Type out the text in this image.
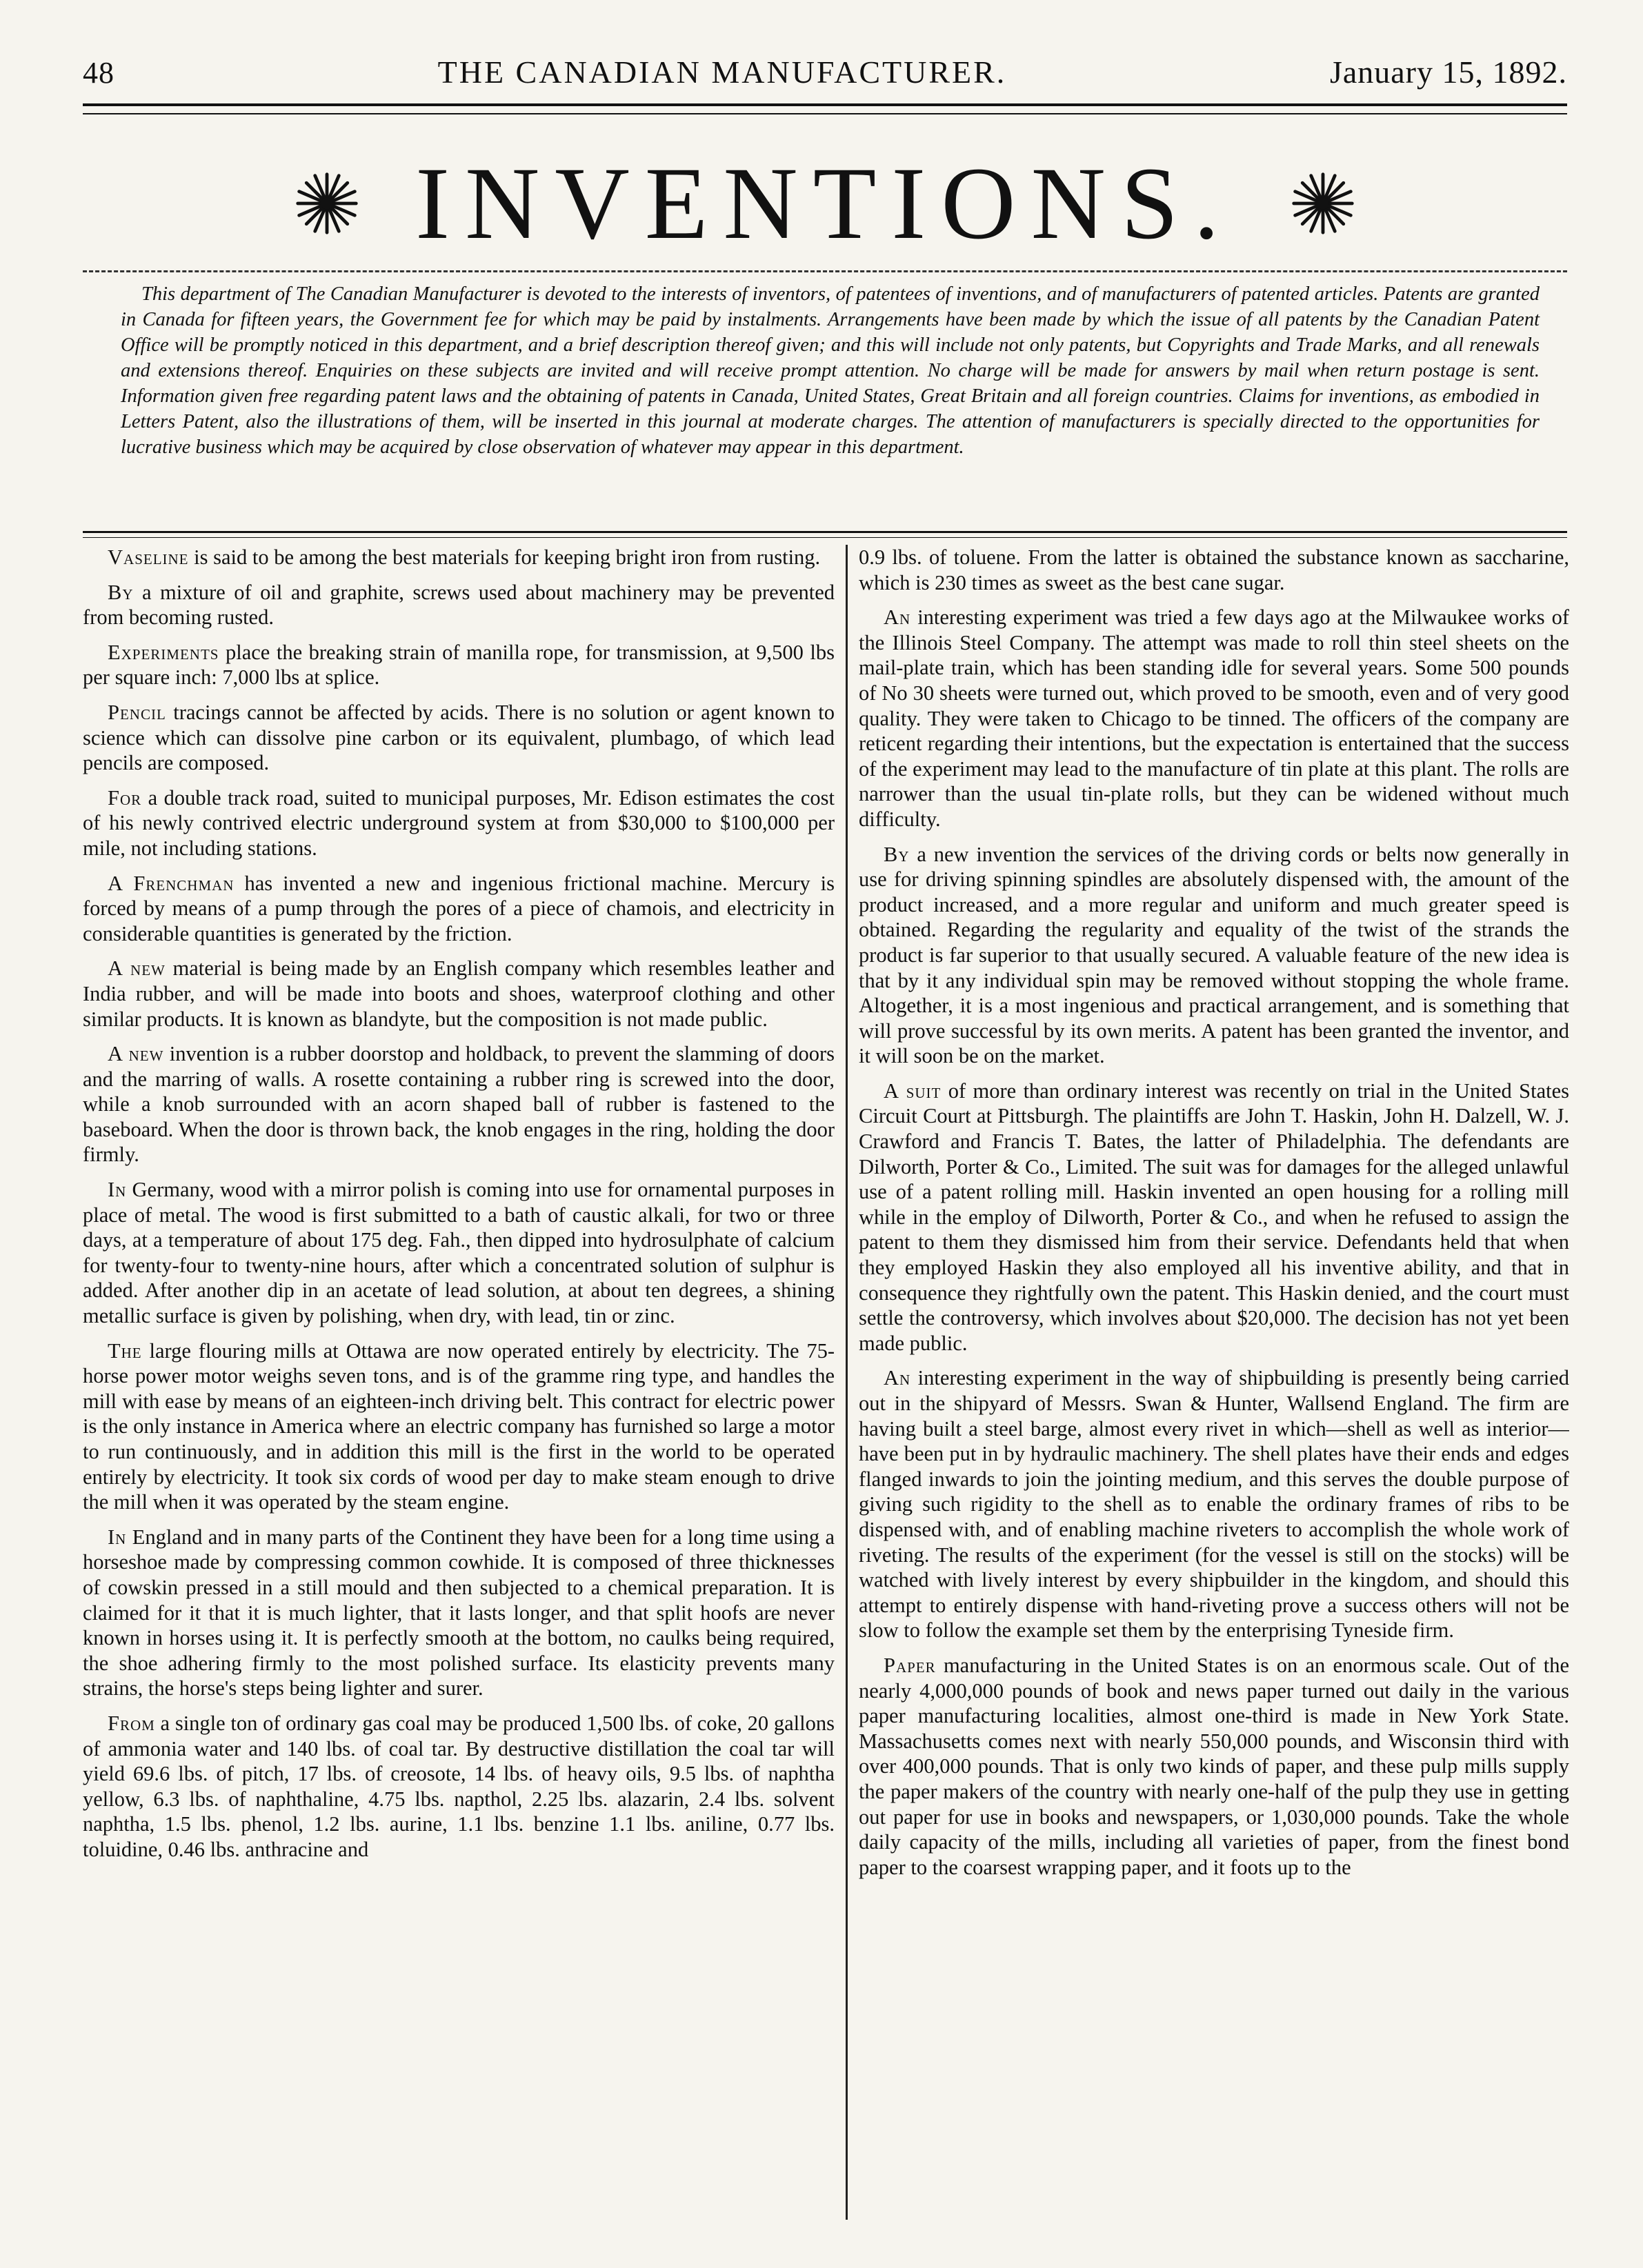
48	THE CANADIAN MANUFACTURER.	January 15, 1892.
INVENTIONS.
This department of The Canadian Manufacturer is devoted to the interests of inventors, of patentees of inventions, and of manufacturers of patented articles. Patents are granted in Canada for fifteen years, the Government fee for which may be paid by instalments. Arrangements have been made by which the issue of all patents by the Canadian Patent Office will be promptly noticed in this department, and a brief description thereof given; and this will include not only patents, but Copyrights and Trade Marks, and all renewals and extensions thereof. Enquiries on these subjects are invited and will receive prompt attention. No charge will be made for answers by mail when return postage is sent. Information given free regarding patent laws and the obtaining of patents in Canada, United States, Great Britain and all foreign countries. Claims for inventions, as embodied in Letters Patent, also the illustrations of them, will be inserted in this journal at moderate charges. The attention of manufacturers is specially directed to the opportunities for lucrative business which may be acquired by close observation of whatever may appear in this department.

Vaseline is said to be among the best materials for keeping bright iron from rusting.

By a mixture of oil and graphite, screws used about machinery may be prevented from becoming rusted.

Experiments place the breaking strain of manilla rope, for transmission, at 9,500 lbs per square inch: 7,000 lbs at splice.

Pencil tracings cannot be affected by acids. There is no solution or agent known to science which can dissolve pine carbon or its equivalent, plumbago, of which lead pencils are composed.

For a double track road, suited to municipal purposes, Mr. Edison estimates the cost of his newly contrived electric underground system at from $30,000 to $100,000 per mile, not including stations.

A Frenchman has invented a new and ingenious frictional machine. Mercury is forced by means of a pump through the pores of a piece of chamois, and electricity in considerable quantities is generated by the friction.

A new material is being made by an English company which resembles leather and India rubber, and will be made into boots and shoes, waterproof clothing and other similar products. It is known as blandyte, but the composition is not made public.

A new invention is a rubber doorstop and holdback, to prevent the slamming of doors and the marring of walls. A rosette containing a rubber ring is screwed into the door, while a knob surrounded with an acorn shaped ball of rubber is fastened to the baseboard. When the door is thrown back, the knob engages in the ring, holding the door firmly.

In Germany, wood with a mirror polish is coming into use for ornamental purposes in place of metal. The wood is first submitted to a bath of caustic alkali, for two or three days, at a temperature of about 175 deg. Fah., then dipped into hydrosulphate of calcium for twenty-four to twenty-nine hours, after which a concentrated solution of sulphur is added. After another dip in an acetate of lead solution, at about ten degrees, a shining metallic surface is given by polishing, when dry, with lead, tin or zinc.

The large flouring mills at Ottawa are now operated entirely by electricity. The 75-horse power motor weighs seven tons, and is of the gramme ring type, and handles the mill with ease by means of an eighteen-inch driving belt. This contract for electric power is the only instance in America where an electric company has furnished so large a motor to run continuously, and in addition this mill is the first in the world to be operated entirely by electricity. It took six cords of wood per day to make steam enough to drive the mill when it was operated by the steam engine.

In England and in many parts of the Continent they have been for a long time using a horseshoe made by compressing common cowhide. It is composed of three thicknesses of cowskin pressed in a still mould and then subjected to a chemical preparation. It is claimed for it that it is much lighter, that it lasts longer, and that split hoofs are never known in horses using it. It is perfectly smooth at the bottom, no caulks being required, the shoe adhering firmly to the most polished surface. Its elasticity prevents many strains, the horse's steps being lighter and surer.

From a single ton of ordinary gas coal may be produced 1,500 lbs. of coke, 20 gallons of ammonia water and 140 lbs. of coal tar. By destructive distillation the coal tar will yield 69.6 lbs. of pitch, 17 lbs. of creosote, 14 lbs. of heavy oils, 9.5 lbs. of naphtha yellow, 6.3 lbs. of naphthaline, 4.75 lbs. napthol, 2.25 lbs. alazarin, 2.4 lbs. solvent naphtha, 1.5 lbs. phenol, 1.2 lbs. aurine, 1.1 lbs. benzine 1.1 lbs. aniline, 0.77 lbs. toluidine, 0.46 lbs. anthracine and

0.9 lbs. of toluene. From the latter is obtained the substance known as saccharine, which is 230 times as sweet as the best cane sugar.

An interesting experiment was tried a few days ago at the Milwaukee works of the Illinois Steel Company. The attempt was made to roll thin steel sheets on the mail-plate train, which has been standing idle for several years. Some 500 pounds of No 30 sheets were turned out, which proved to be smooth, even and of very good quality. They were taken to Chicago to be tinned. The officers of the company are reticent regarding their intentions, but the expectation is entertained that the success of the experiment may lead to the manufacture of tin plate at this plant. The rolls are narrower than the usual tin-plate rolls, but they can be widened without much difficulty.

By a new invention the services of the driving cords or belts now generally in use for driving spinning spindles are absolutely dispensed with, the amount of the product increased, and a more regular and uniform and much greater speed is obtained. Regarding the regularity and equality of the twist of the strands the product is far superior to that usually secured. A valuable feature of the new idea is that by it any individual spin may be removed without stopping the whole frame. Altogether, it is a most ingenious and practical arrangement, and is something that will prove successful by its own merits. A patent has been granted the inventor, and it will soon be on the market.

A suit of more than ordinary interest was recently on trial in the United States Circuit Court at Pittsburgh. The plaintiffs are John T. Haskin, John H. Dalzell, W. J. Crawford and Francis T. Bates, the latter of Philadelphia. The defendants are Dilworth, Porter & Co., Limited. The suit was for damages for the alleged unlawful use of a patent rolling mill. Haskin invented an open housing for a rolling mill while in the employ of Dilworth, Porter & Co., and when he refused to assign the patent to them they dismissed him from their service. Defendants held that when they employed Haskin they also employed all his inventive ability, and that in consequence they rightfully own the patent. This Haskin denied, and the court must settle the controversy, which involves about $20,000. The decision has not yet been made public.

An interesting experiment in the way of shipbuilding is presently being carried out in the shipyard of Messrs. Swan & Hunter, Wallsend England. The firm are having built a steel barge, almost every rivet in which—shell as well as interior—have been put in by hydraulic machinery. The shell plates have their ends and edges flanged inwards to join the jointing medium, and this serves the double purpose of giving such rigidity to the shell as to enable the ordinary frames of ribs to be dispensed with, and of enabling machine riveters to accomplish the whole work of riveting. The results of the experiment (for the vessel is still on the stocks) will be watched with lively interest by every shipbuilder in the kingdom, and should this attempt to entirely dispense with hand-riveting prove a success others will not be slow to follow the example set them by the enterprising Tyneside firm.

Paper manufacturing in the United States is on an enormous scale. Out of the nearly 4,000,000 pounds of book and news paper turned out daily in the various paper manufacturing localities, almost one-third is made in New York State. Massachusetts comes next with nearly 550,000 pounds, and Wisconsin third with over 400,000 pounds. That is only two kinds of paper, and these pulp mills supply the paper makers of the country with nearly one-half of the pulp they use in getting out paper for use in books and newspapers, or 1,030,000 pounds. Take the whole daily capacity of the mills, including all varieties of paper, from the finest bond paper to the coarsest wrapping paper, and it foots up to the
